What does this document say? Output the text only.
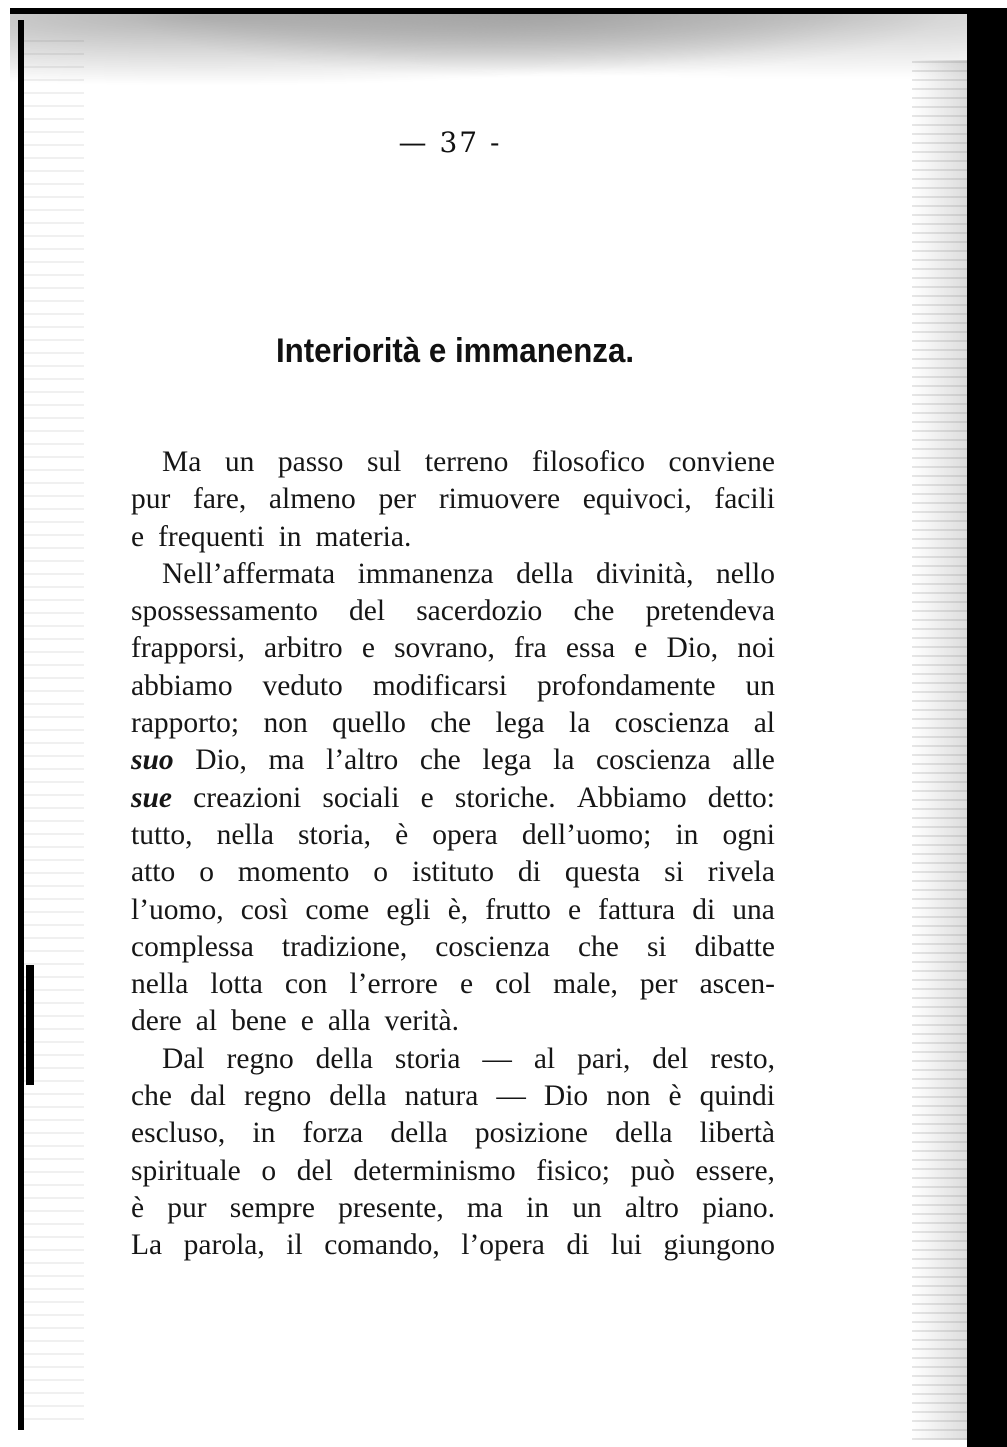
— 37 -
Interiorità e immanenza.
Ma un passo sul terreno filosofico conviene
pur fare, almeno per rimuovere equivoci, facili
e frequenti in materia.
Nell’affermata immanenza della divinità, nello
spossessamento del sacerdozio che pretendeva
frapporsi, arbitro e sovrano, fra essa e Dio, noi
abbiamo veduto modificarsi profondamente un
rapporto; non quello che lega la coscienza al
suo Dio, ma l’altro che lega la coscienza alle
sue creazioni sociali e storiche. Abbiamo detto:
tutto, nella storia, è opera dell’uomo; in ogni
atto o momento o istituto di questa si rivela
l’uomo, così come egli è, frutto e fattura di una
complessa tradizione, coscienza che si dibatte
nella lotta con l’errore e col male, per ascen-
dere al bene e alla verità.
Dal regno della storia — al pari, del resto,
che dal regno della natura — Dio non è quindi
escluso, in forza della posizione della libertà
spirituale o del determinismo fisico; può essere,
è pur sempre presente, ma in un altro piano.
La parola, il comando, l’opera di lui giungono
